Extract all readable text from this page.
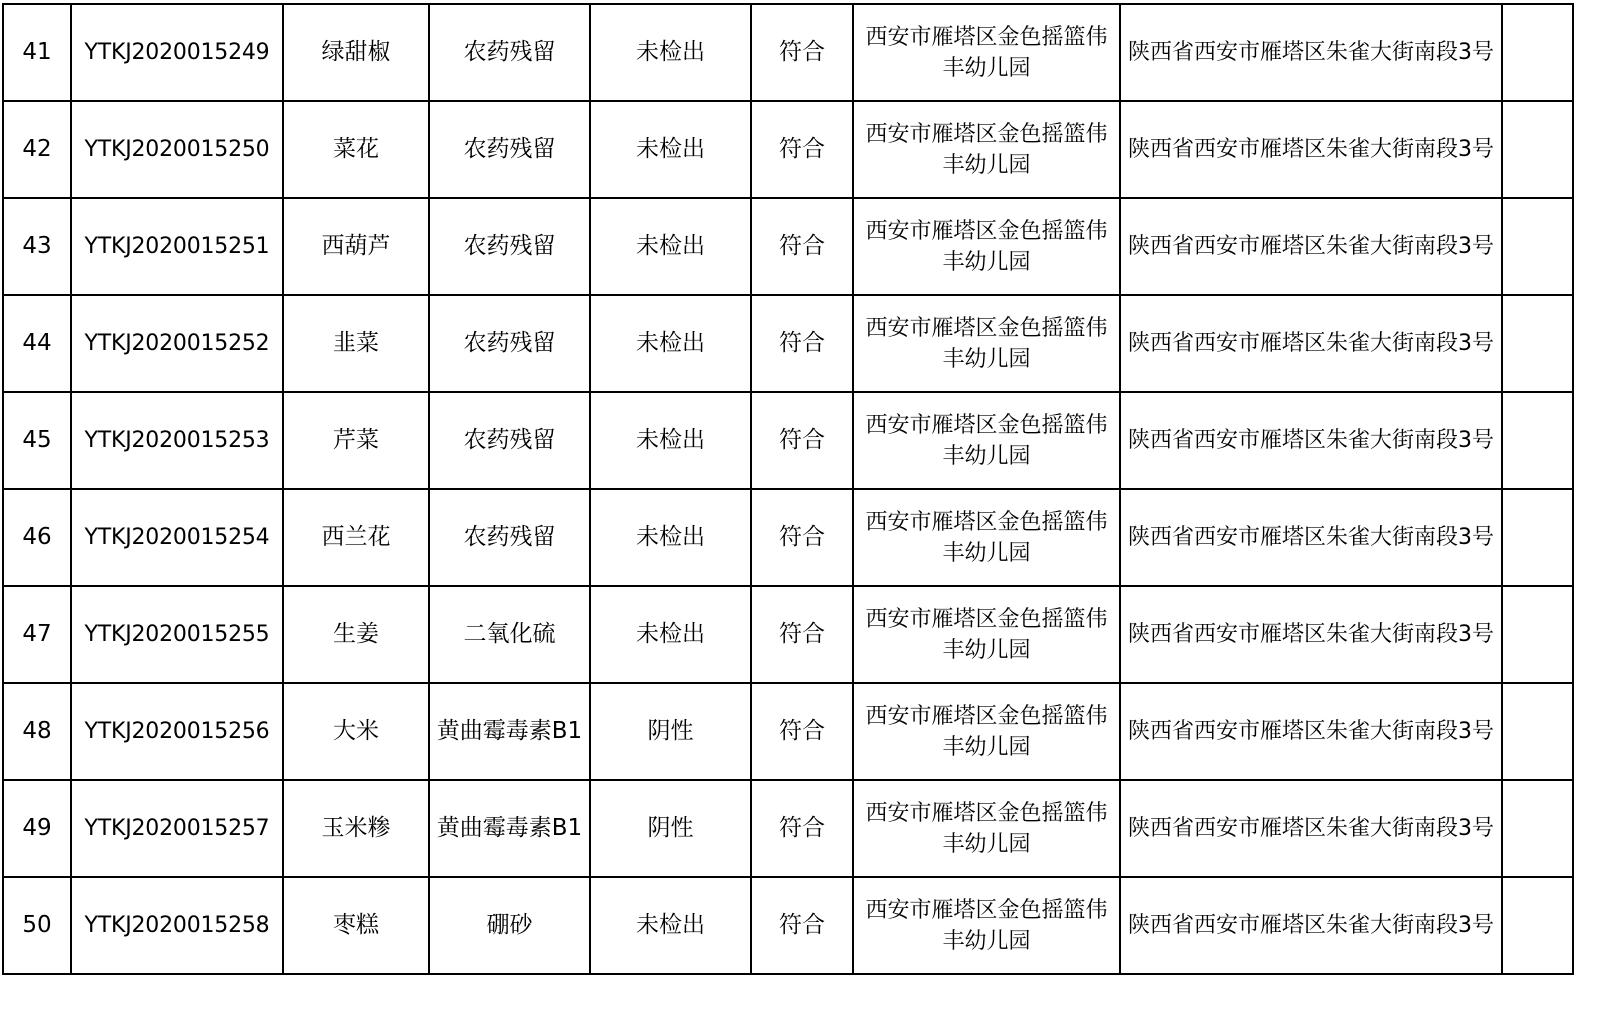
41	YTKJ2020015249	绿甜椒	农药残留	未检出	符合	西安市雁塔区金色摇篮伟丰幼儿园	陕西省西安市雁塔区朱雀大街南段3号	
42	YTKJ2020015250	菜花	农药残留	未检出	符合	西安市雁塔区金色摇篮伟丰幼儿园	陕西省西安市雁塔区朱雀大街南段3号	
43	YTKJ2020015251	西葫芦	农药残留	未检出	符合	西安市雁塔区金色摇篮伟丰幼儿园	陕西省西安市雁塔区朱雀大街南段3号	
44	YTKJ2020015252	韭菜	农药残留	未检出	符合	西安市雁塔区金色摇篮伟丰幼儿园	陕西省西安市雁塔区朱雀大街南段3号	
45	YTKJ2020015253	芹菜	农药残留	未检出	符合	西安市雁塔区金色摇篮伟丰幼儿园	陕西省西安市雁塔区朱雀大街南段3号	
46	YTKJ2020015254	西兰花	农药残留	未检出	符合	西安市雁塔区金色摇篮伟丰幼儿园	陕西省西安市雁塔区朱雀大街南段3号	
47	YTKJ2020015255	生姜	二氧化硫	未检出	符合	西安市雁塔区金色摇篮伟丰幼儿园	陕西省西安市雁塔区朱雀大街南段3号	
48	YTKJ2020015256	大米	黄曲霉毒素B1	阴性	符合	西安市雁塔区金色摇篮伟丰幼儿园	陕西省西安市雁塔区朱雀大街南段3号	
49	YTKJ2020015257	玉米糁	黄曲霉毒素B1	阴性	符合	西安市雁塔区金色摇篮伟丰幼儿园	陕西省西安市雁塔区朱雀大街南段3号	
50	YTKJ2020015258	枣糕	硼砂	未检出	符合	西安市雁塔区金色摇篮伟丰幼儿园	陕西省西安市雁塔区朱雀大街南段3号	
